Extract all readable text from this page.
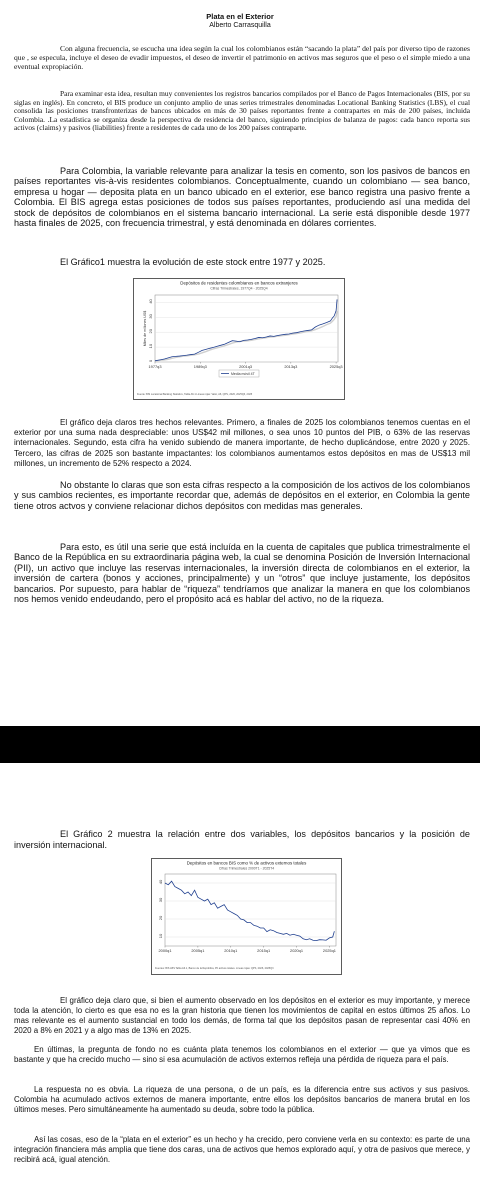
Plata en el Exterior
Alberto Carrasquilla

Con alguna frecuencia, se escucha una idea según la cual los colombianos están “sacando la plata” del país por diverso tipo de razones que , se especula, incluye el deseo de evadir impuestos, el deseo de invertir el patrimonio en activos mas seguros que el peso o el simple miedo a una eventual expropiación.

Para examinar esta idea, resultan muy convenientes los registros bancarios compilados por el Banco de Pagos Internacionales (BIS, por su siglas en inglés). En concreto, el BIS produce un conjunto amplio de unas series trimestrales denominadas Locational Banking Statistics (LBS), el cual consolida las posiciones transfronterizas de bancos ubicados en más de 30 países reportantes frente a contrapartes en más de 200 países, incluida Colombia. .La estadística se organiza desde la perspectiva de residencia del banco, siguiendo principios de balanza de pagos: cada banco reporta sus activos (claims) y pasivos (liabilities) frente a residentes de cada uno de los 200 países contraparte.

Para Colombia, la variable relevante para analizar la tesis en comento, son los pasivos de bancos en países reportantes vis-à-vis residentes colombianos. Conceptualmente, cuando un colombiano — sea banco, empresa u hogar — deposita plata en un banco ubicado en el exterior, ese banco registra una pasivo frente a Colombia. El BIS agrega estas posiciones de todos sus países reportantes, produciendo así una medida del stock de depósitos de colombianos en el sistema bancario internacional. La serie está disponible desde 1977 hasta finales de 2025, con frecuencia trimestral, y está denominada en dólares corrientes.

El Gráfico1 muestra la evolución de este stock entre 1977 y 2025.

Depósitos de residentes colombianos en bancos extranjeros
Cifras Trimestrales, 1977Q4 - 2025Q4
0
10
20
30
40
1977q3	1989q3	2001q3	2013q3	2025q3
Miles de millones US$
Media móvil 4T
Fuente: BIS Locational Banking Statistics, Tabla A6.1 Líneas rojas: Valor, A6, QPS, 2026, 2025Q3, 2025

El gráfico deja claros tres hechos relevantes. Primero, a finales de 2025 los colombianos tenemos cuentas en el exterior por una suma nada despreciable: unos US$42 mil millones, o sea unos 10 puntos del PIB, o 63% de las reservas internacionales. Segundo, esta cifra ha venido subiendo de manera importante, de hecho duplicándose, entre 2020 y 2025. Tercero, las cifras de 2025 son bastante impactantes: los colombianos aumentamos estos depósitos en mas de US$13 mil millones, un incremento de 52% respecto a 2024.

No obstante lo claras que son esta cifras respecto a la composición de los activos de los colombianos y sus cambios recientes, es importante recordar que, además de depósitos en el exterior, en Colombia la gente tiene otros actvos y conviene relacionar dichos depósitos con medidas mas generales.

Para esto, es útil una serie que está incluída en la cuenta de capitales que publica trimestralmente el Banco de la República en su extraordinaria página web, la cual se denomina Posición de Inversión Internacional (PII), un activo que incluye las reservas internacionales, la inversión directa de colombianos en el exterior, la inversión de cartera (bonos y acciones, principalmente) y un “otros” que incluye justamente, los depósitos bancarios. Por supuesto, para hablar de “riqueza” tendríamos que analizar la manera en que los colombianos nos hemos venido endeudando, pero el propósito acá es hablar del activo, no de la riqueza.

El Gráfico 2 muestra la relación entre dos variables, los depósitos bancarios y la posición de inversión internacional.

Depósitos en bancos BIS como % de activos externos totales
Cifras Trimestrales 2000T1 - 2025T4
10
20
30
40
2000q1	2005q1	2010q1	2015q1	2020q1	2025q1
Fuentes: BIS LBS Tabla A6.1, Banco de la República, PII activos totales. Líneas rojas: QPS, 2026, 2025Q3

El gráfico deja claro que, si bien el aumento observado en los depósitos en el exterior es muy importante, y merece toda la atención, lo cierto es que esa no es la gran historia que tienen los movimientos de capital en estos últimos 25 años. Lo mas relevante es el aumento sustancial en todo los demás, de forma tal que los depósitos pasan de representar casi 40% en 2020 a 8% en 2021 y a algo mas de 13% en 2025.

En últimas, la pregunta de fondo no es cuánta plata tenemos los colombianos en el exterior — que ya vimos que es bastante y que ha crecido mucho — sino si esa acumulación de activos externos refleja una pérdida de riqueza para el país.

La respuesta no es obvia. La riqueza de una persona, o de un país, es la diferencia entre sus activos y sus pasivos. Colombia ha acumulado activos externos de manera importante, entre ellos los depósitos bancarios de manera brutal en los últimos meses. Pero simultáneamente ha aumentado su deuda, sobre todo la pública.

Así las cosas, eso de la “plata en el exterior” es un hecho y ha crecido, pero conviene verla en su contexto: es parte de una integración financiera más amplia que tiene dos caras, una de activos que hemos explorado aquí, y otra de pasivos que merece, y recibirá acá, igual atención.
